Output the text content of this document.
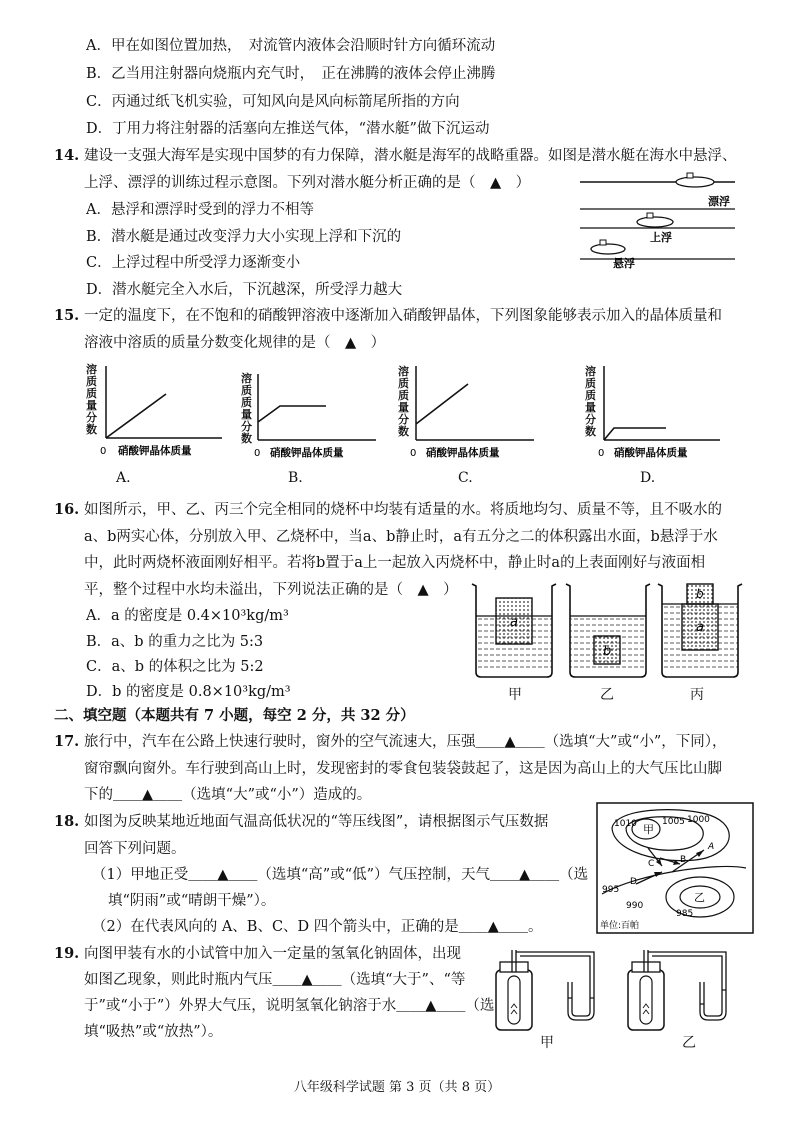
A．甲在如图位置加热，　对流管内液体会沿顺时针方向循环流动
B．乙当用注射器向烧瓶内充气时，　正在沸腾的液体会停止沸腾
C．丙通过纸飞机实验，可知风向是风向标箭尾所指的方向
D．丁用力将注射器的活塞向左推送气体，“潜水艇”做下沉运动
14. 建设一支强大海军是实现中国梦的有力保障，潜水艇是海军的战略重器。如图是潜水艇在海水中悬浮、
上浮、漂浮的训练过程示意图。下列对潜水艇分析正确的是（　▲　）
A．悬浮和漂浮时受到的浮力不相等
B．潜水艇是通过改变浮力大小实现上浮和下沉的
C．上浮过程中所受浮力逐渐变小
D．潜水艇完全入水后，下沉越深，所受浮力越大
漂浮
上浮
悬浮
15. 一定的温度下，在不饱和的硝酸钾溶液中逐渐加入硝酸钾晶体，下列图象能够表示加入的晶体质量和
溶液中溶质的质量分数变化规律的是（　▲　）
0 硝酸钾晶体质量	0 硝酸钾晶体质量	0 硝酸钾晶体质量	0 硝酸钾晶体质量
溶质质量分数
溶质质量分数
溶质质量分数
溶质质量分数
A.	B.	C.	D.
16. 如图所示，甲、乙、丙三个完全相同的烧杯中均装有适量的水。将质地均匀、质量不等，且不吸水的
a、b两实心体，分别放入甲、乙烧杯中，当a、b静止时，a有五分之二的体积露出水面，b悬浮于水
中，此时两烧杯液面刚好相平。若将b置于a上一起放入丙烧杯中，静止时a的上表面刚好与液面相
平，整个过程中水均未溢出，下列说法正确的是（　▲　）
A．a 的密度是 0.4×10³kg/m³
B．a、b 的重力之比为 5:3
C．a、b 的体积之比为 5:2
D．b 的密度是 0.8×10³kg/m³
a
b
b
a
甲	乙	丙
二、填空题（本题共有 7 小题，每空 2 分，共 32 分）
17. 旅行中，汽车在公路上快速行驶时，窗外的空气流速大，压强＿＿▲＿＿（选填“大”或“小”，下同），
窗帘飘向窗外。车行驶到高山上时，发现密封的零食包装袋鼓起了，这是因为高山上的大气压比山脚
下的＿＿▲＿＿（选填“大”或“小”）造成的。
18. 如图为反映某地近地面气温高低状况的“等压线图”，请根据图示气压数据
回答下列问题。
（1）甲地正受＿＿▲＿＿（选填“高”或“低”）气压控制，天气＿＿▲＿＿（选
填“阴雨”或“晴朗干燥”）。
（2）在代表风向的 A、B、C、D 四个箭头中，正确的是＿＿▲＿＿。
1010 甲
1005 1000
A
B
C
D
995
990
乙
985
单位:百帕
19. 向图甲装有水的小试管中加入一定量的氢氧化钠固体，出现
如图乙现象，则此时瓶内气压＿＿▲＿＿（选填“大于”、“等
于”或“小于”）外界大气压，说明氢氧化钠溶于水＿＿▲＿＿（选
填“吸热”或“放热”）。
甲	乙
八年级科学试题 第 3 页（共 8 页）
